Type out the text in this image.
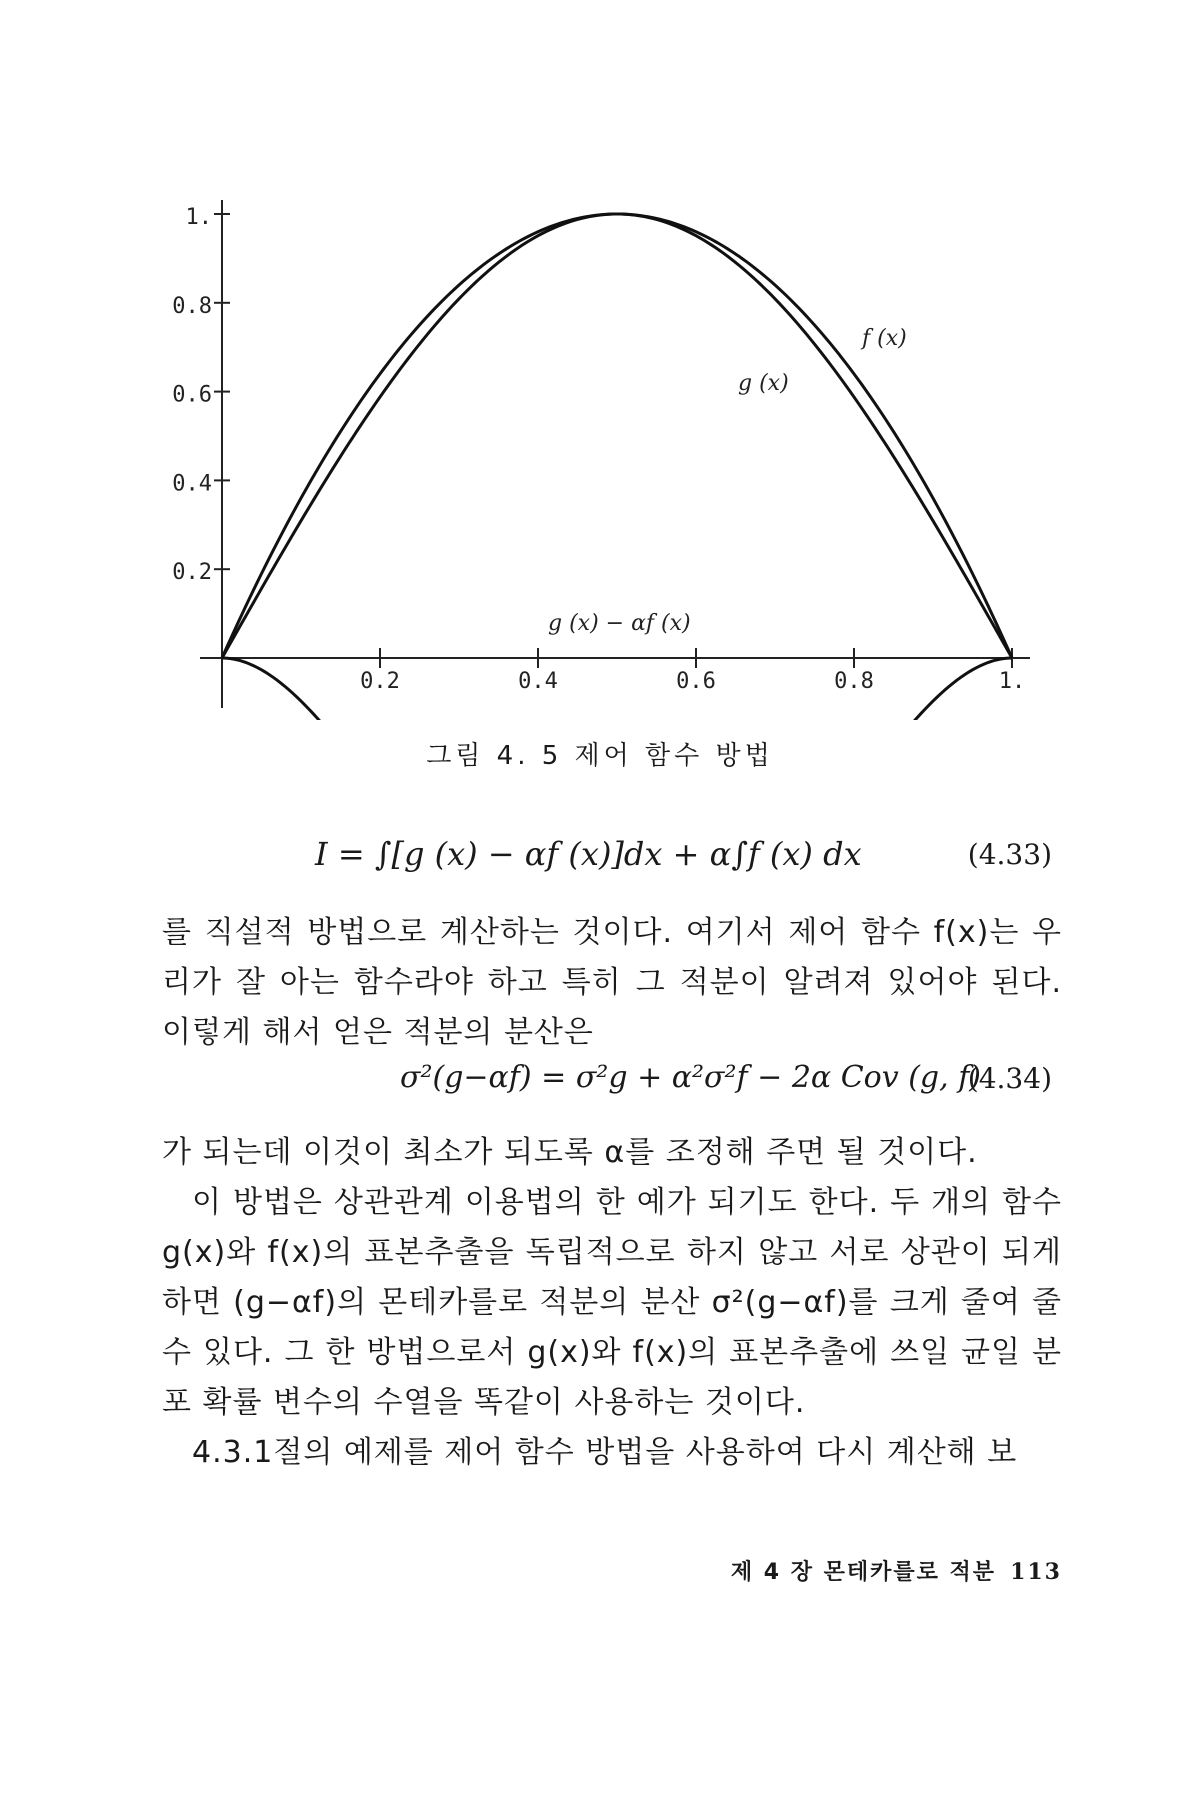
0.2
0.4
0.6
0.8
1.
0.2	0.4	0.6	0.8	1.
f (x)
g (x)
g (x) − αf (x)
그림 4. 5 제어 함수 방법
I = ∫[g (x) − αf (x)]dx + α∫f (x) dx	(4.33)

를 직설적 방법으로 계산하는 것이다. 여기서 제어 함수 f(x)는 우리가 잘 아는 함수라야 하고 특히 그 적분이 알려져 있어야 된다. 이렇게 해서 얻은 적분의 분산은

σ²(g−αf) = σ²g + α²σ²f − 2α Cov (g, f)
(4.34)

가 되는데 이것이 최소가 되도록 α를 조정해 주면 될 것이다.

이 방법은 상관관계 이용법의 한 예가 되기도 한다. 두 개의 함수 g(x)와 f(x)의 표본추출을 독립적으로 하지 않고 서로 상관이 되게 하면 (g−αf)의 몬테카를로 적분의 분산 σ²(g−αf)를 크게 줄여 줄 수 있다. 그 한 방법으로서 g(x)와 f(x)의 표본추출에 쓰일 균일 분포 확률 변수의 수열을 똑같이 사용하는 것이다.

4.3.1절의 예제를 제어 함수 방법을 사용하여 다시 계산해 보

제 4 장 몬테카를로 적분 113
